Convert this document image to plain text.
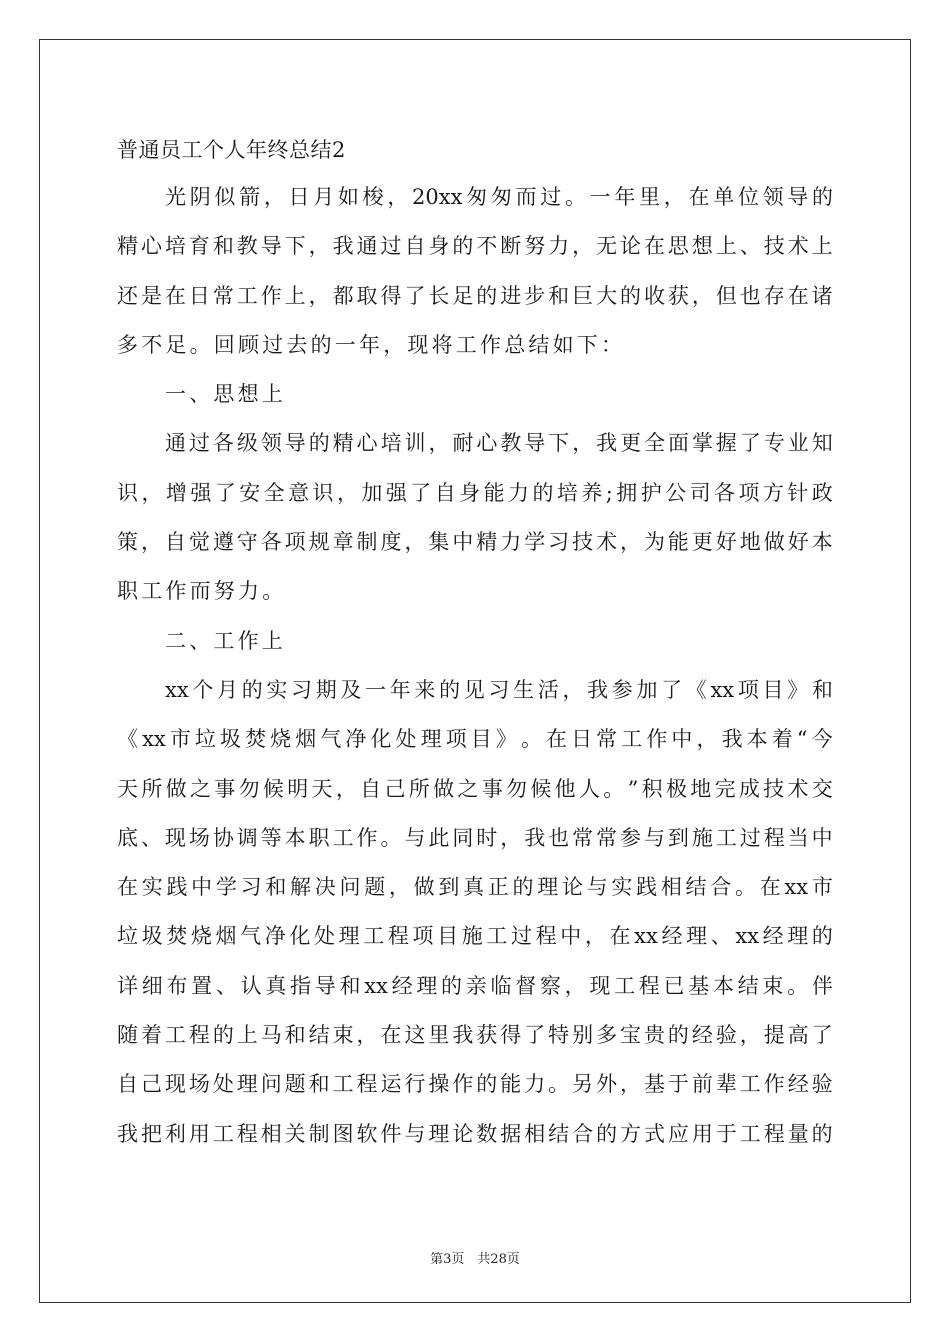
普通员工个人年终总结2
光 阴 似 箭 ， 日 月 如 梭 ， 20xx 匆 匆 而 过 。 一 年 里 ， 在 单 位 领 导 的
精 心 培 育 和 教 导 下 ， 我 通 过 自 身 的 不 断 努 力 ， 无 论 在 思 想 上 、 技 术 上
还 是 在 日 常 工 作 上 ， 都 取 得 了 长 足 的 进 步 和 巨 大 的 收 获 ， 但 也 存 在 诸
多不足。回顾过去的一年，现将工作总结如下：
一、思想上
通 过 各 级 领 导 的 精 心 培 训 ， 耐 心 教 导 下 ， 我 更 全 面 掌 握 了 专 业 知
识 ， 增 强 了 安 全 意 识 ， 加 强 了 自 身 能 力 的 培 养 ; 拥 护 公 司 各 项 方 针 政
策 ， 自 觉 遵 守 各 项 规 章 制 度 ， 集 中 精 力 学 习 技 术 ， 为 能 更 好 地 做 好 本
职工作而努力。
二、工作上
xx 个 月 的 实 习 期 及 一 年 来 的 见 习 生 活 ， 我 参 加 了 《 xx 项 目 》 和
《 xx 市 垃 圾 焚 烧 烟 气 净 化 处 理 项 目 》 。 在 日 常 工 作 中 ， 我 本 着 “ 今
天 所 做 之 事 勿 候 明 天 ， 自 己 所 做 之 事 勿 候 他 人 。 ” 积 极 地 完 成 技 术 交
底 、 现 场 协 调 等 本 职 工 作 。 与 此 同 时 ， 我 也 常 常 参 与 到 施 工 过 程 当 中
在 实 践 中 学 习 和 解 决 问 题 ， 做 到 真 正 的 理 论 与 实 践 相 结 合 。 在 xx 市
垃 圾 焚 烧 烟 气 净 化 处 理 工 程 项 目 施 工 过 程 中 ， 在 xx 经 理 、 xx 经 理 的
详 细 布 置 、 认 真 指 导 和 xx 经 理 的 亲 临 督 察 ， 现 工 程 已 基 本 结 束 。 伴
随 着 工 程 的 上 马 和 结 束 ， 在 这 里 我 获 得 了 特 别 多 宝 贵 的 经 验 ， 提 高 了
自 己 现 场 处 理 问 题 和 工 程 运 行 操 作 的 能 力 。 另 外 ， 基 于 前 辈 工 作 经 验
我 把 利 用 工 程 相 关 制 图 软 件 与 理 论 数 据 相 结 合 的 方 式 应 用 于 工 程 量 的
第3页　共28页
